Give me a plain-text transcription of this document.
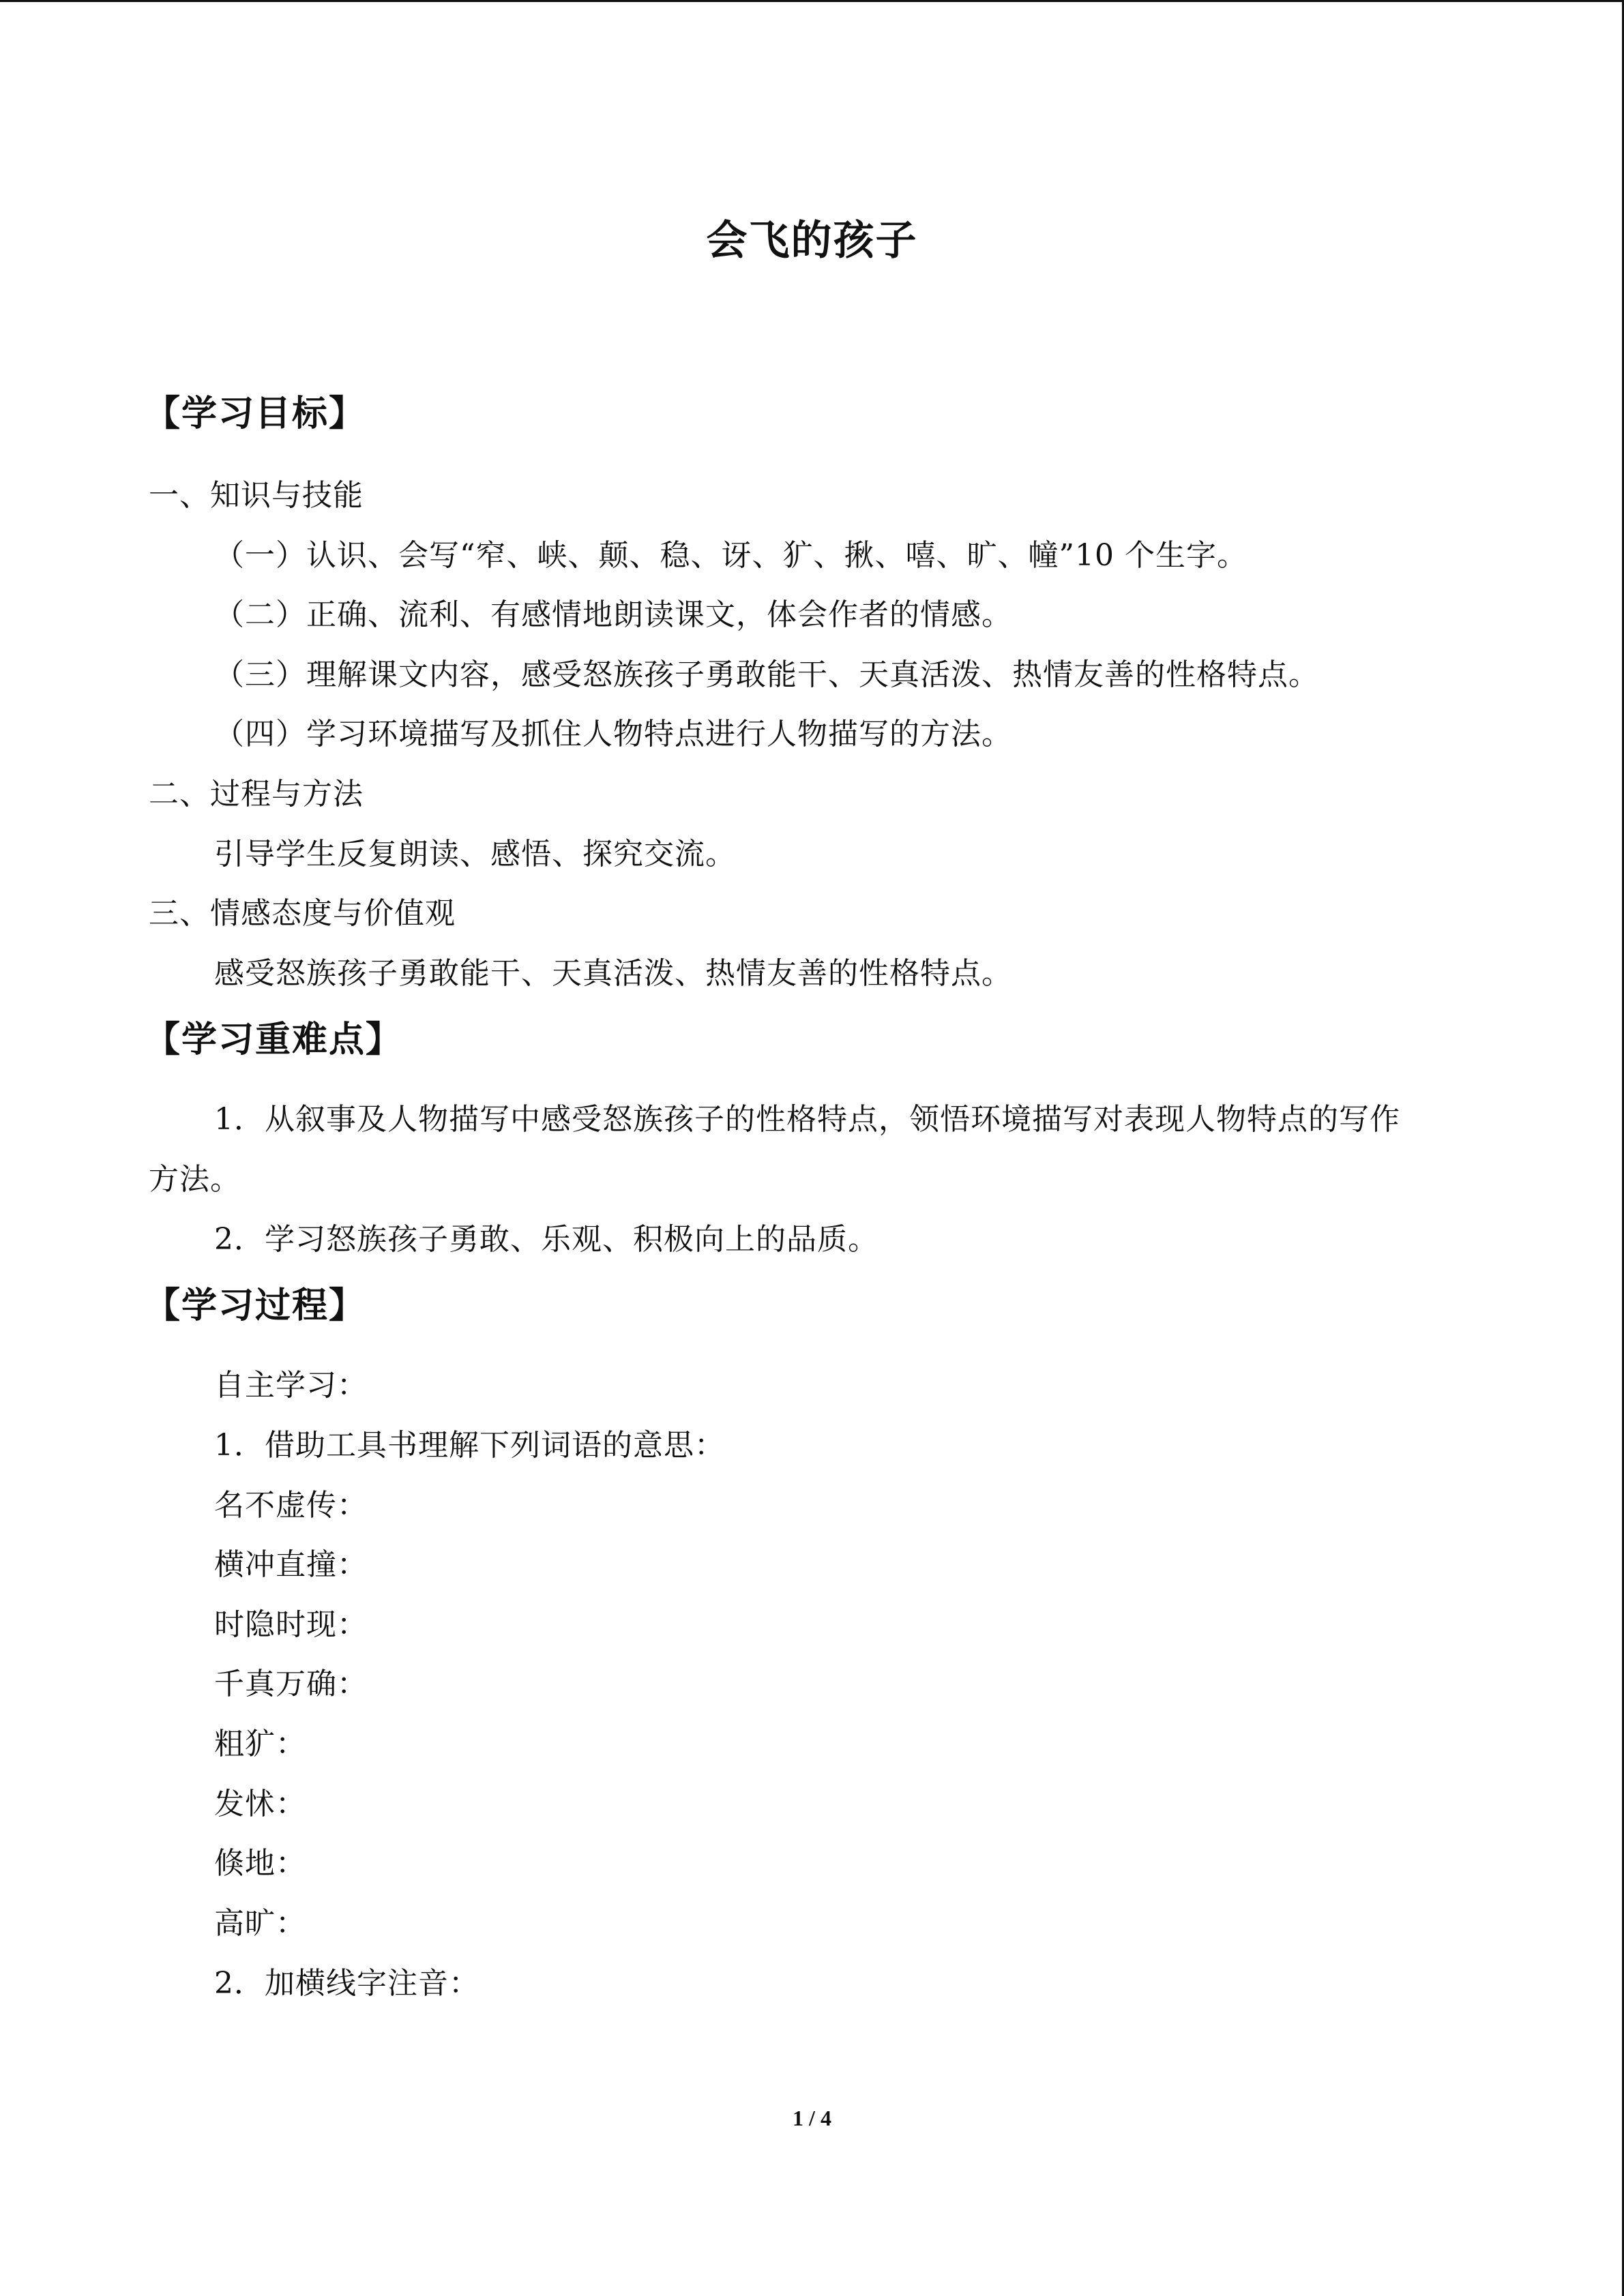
会飞的孩子
【学习目标】
一、知识与技能
（一）认识、会写“窄、峡、颠、稳、讶、犷、揪、嘻、旷、幢”10 个生字。
（二）正确、流利、有感情地朗读课文，体会作者的情感。
（三）理解课文内容，感受怒族孩子勇敢能干、天真活泼、热情友善的性格特点。
（四）学习环境描写及抓住人物特点进行人物描写的方法。
二、过程与方法
引导学生反复朗读、感悟、探究交流。
三、情感态度与价值观
感受怒族孩子勇敢能干、天真活泼、热情友善的性格特点。
【学习重难点】
1．从叙事及人物描写中感受怒族孩子的性格特点，领悟环境描写对表现人物特点的写作
方法。
2．学习怒族孩子勇敢、乐观、积极向上的品质。
【学习过程】
自主学习：
1．借助工具书理解下列词语的意思：
名不虚传：
横冲直撞：
时隐时现：
千真万确：
粗犷：
发怵：
倏地：
高旷：
2．加横线字注音：
1 / 4
